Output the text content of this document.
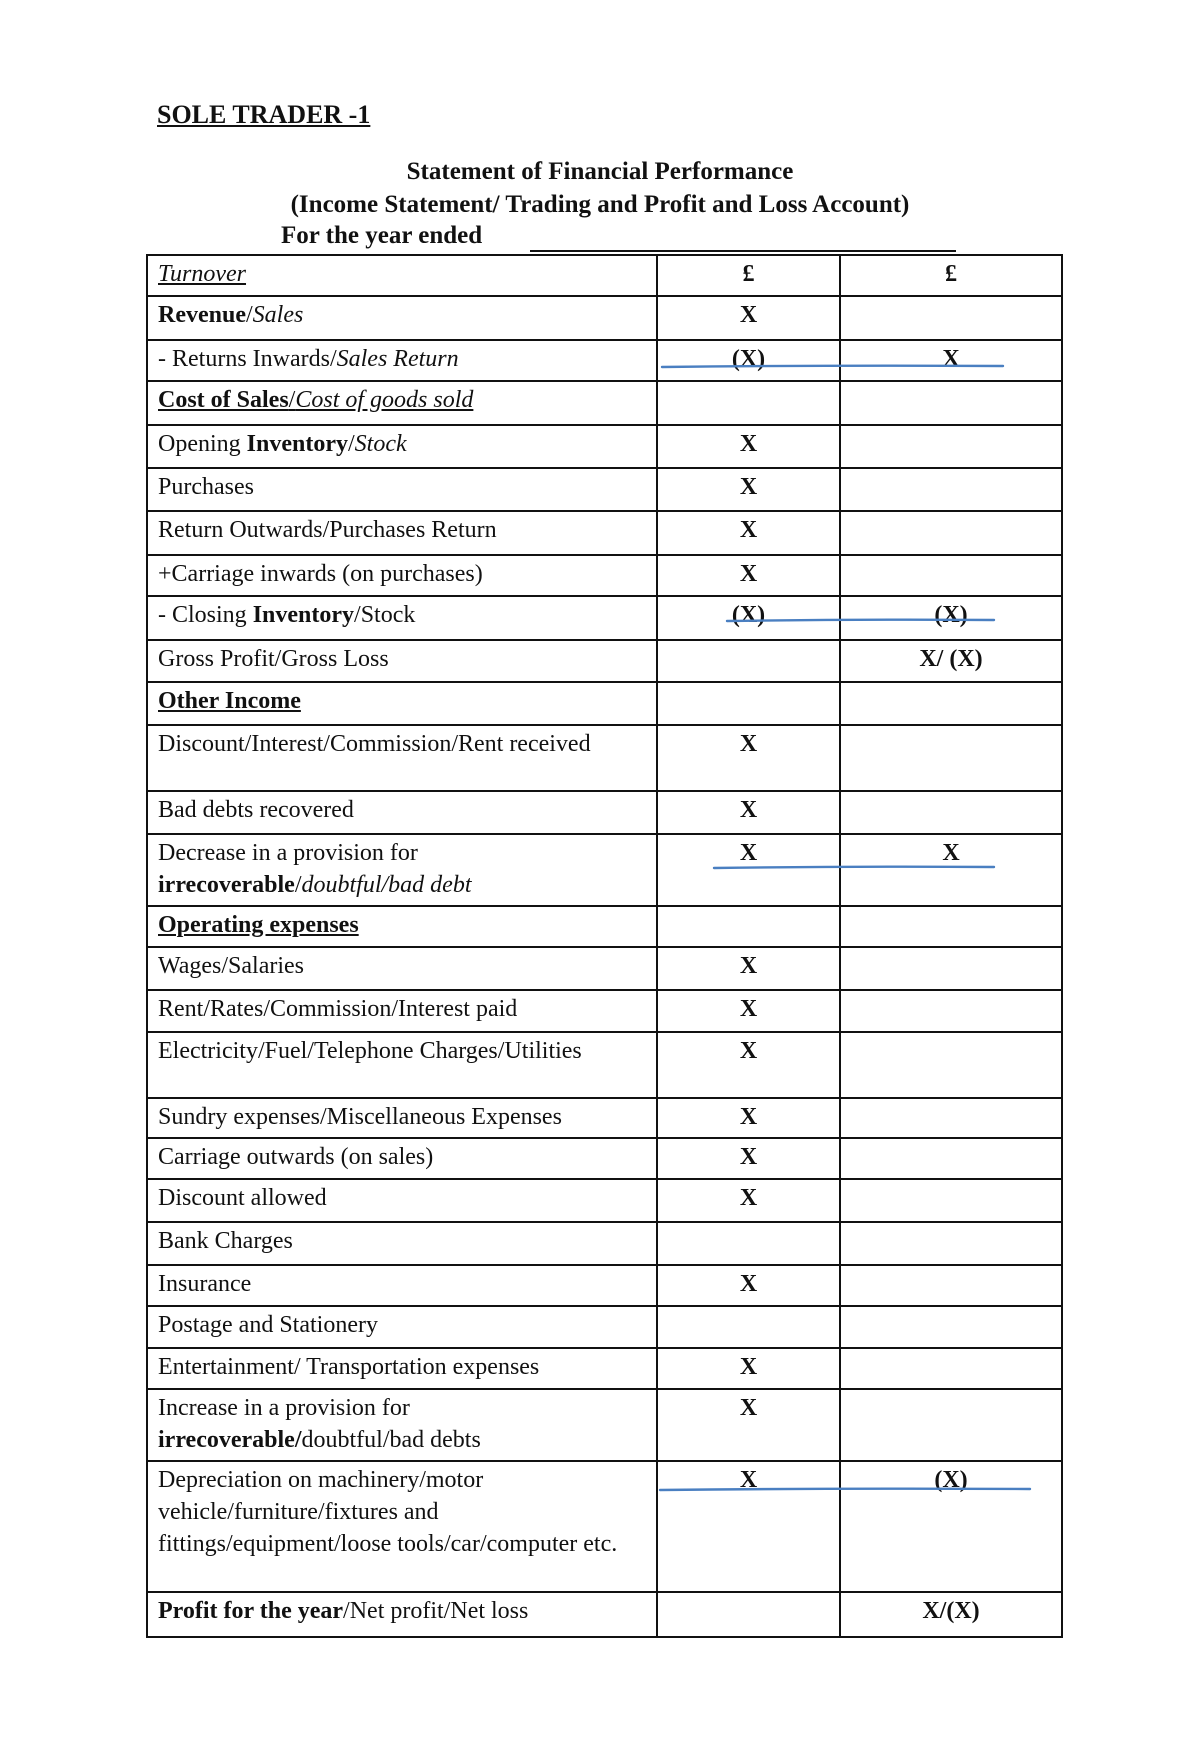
SOLE TRADER -1
Statement of Financial Performance
(Income Statement/ Trading and Profit and Loss Account)
For the year ended
Turnover	£	£
Revenue/Sales	X	
- Returns Inwards/Sales Return	(X)	X
Cost of Sales/Cost of goods sold		
Opening Inventory/Stock	X	
Purchases	X	
Return Outwards/Purchases Return	X	
+Carriage inwards (on purchases)	X	
- Closing Inventory/Stock	(X)	(X)
Gross Profit/Gross Loss		X/ (X)
Other Income		
Discount/Interest/Commission/Rent received	X	
Bad debts recovered	X	
Decrease in a provision for irrecoverable/doubtful/bad debt	X	X
Operating expenses		
Wages/Salaries	X	
Rent/Rates/Commission/Interest paid	X	
Electricity/Fuel/Telephone Charges/Utilities	X	
Sundry expenses/Miscellaneous Expenses	X	
Carriage outwards (on sales)	X	
Discount allowed	X	
Bank Charges		
Insurance	X	
Postage and Stationery		
Entertainment/ Transportation expenses	X	
Increase in a provision for irrecoverable/doubtful/bad debts	X	
Depreciation on machinery/motor vehicle/furniture/fixtures and fittings/equipment/loose tools/car/computer etc.	X	(X)
Profit for the year/Net profit/Net loss		X/(X)
